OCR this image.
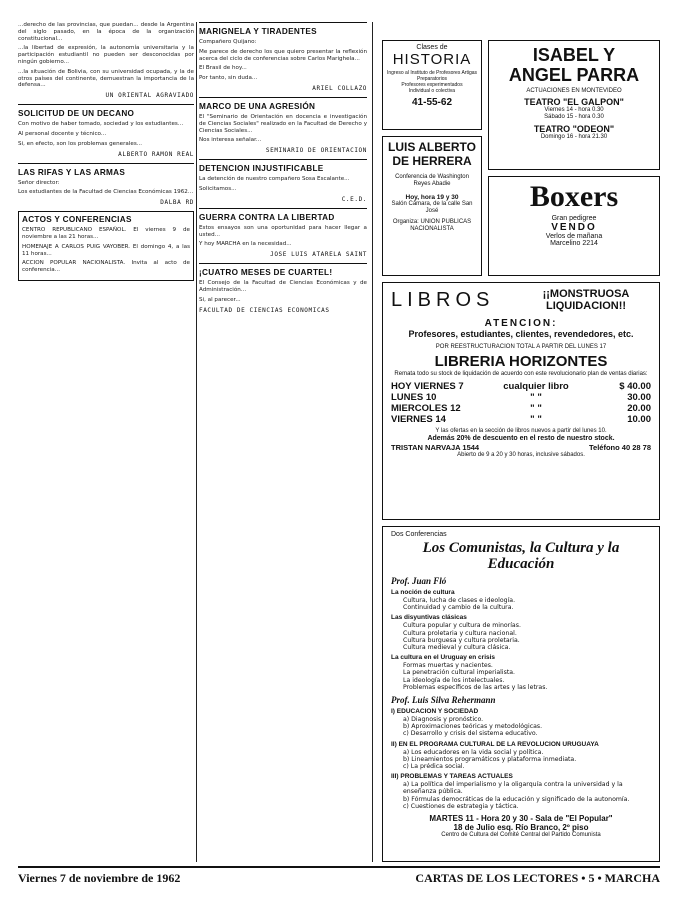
...derecho de las provincias, que puedan... desde la Argentina del siglo pasado, en la época de la organización constitucional...

...la libertad de expresión, la autonomía universitaria y la participación estudiantil no pueden ser desconocidas por ningún gobierno...

...la situación de Bolivia, con su universidad ocupada, y la de otros países del continente, demuestran la importancia de la defensa...

UN ORIENTAL AGRAVIADO
SOLICITUD DE UN DECANO

Con motivo de haber tomado, sociedad y los estudiantes...

Al personal docente y técnico...

Si, en efecto, son los problemas generales...

ALBERTO RAMON REAL
LAS RIFAS Y LAS ARMAS

Señor director:

Los estudiantes de la Facultad de Ciencias Económicas 1962...

DALBA RD
ACTOS Y CONFERENCIAS

CENTRO REPUBLICANO ESPAÑOL. El viernes 9 de noviembre a las 21 horas...

HOMENAJE A CARLOS PUIG VAYOBER. El domingo 4, a las 11 horas...

ACCION POPULAR NACIONALISTA. Invita al acto de conferencia...

MARIGNELA Y TIRADENTES

Compañero Quijano:

Me parece de derecho los que quiero presentar la reflexión acerca del ciclo de conferencias sobre Carlos Marighela...

El Brasil de hoy...

Por tanto, sin duda...

ARIEL COLLAZO
MARCO DE UNA AGRESIÓN

El "Seminario de Orientación en docencia e investigación de Ciencias Sociales" realizado en la Facultad de Derecho y Ciencias Sociales...

Nos interesa señalar...

SEMINARIO DE ORIENTACION
DETENCION INJUSTIFICABLE

La detención de nuestro compañero Sosa Escalante...

Solicitamos...

C.E.D.
GUERRA CONTRA LA LIBERTAD

Estos ensayos son una oportunidad para hacer llegar a usted...

Y hoy MARCHA en la necesidad...

JOSE LUIS ATARELA SAINT
¡CUATRO MESES DE CUARTEL!

El Consejo de la Facultad de Ciencias Económicas y de Administración...

Si, al parecer...

FACULTAD DE CIENCIAS ECONOMICAS
Clases de
HISTORIA
Ingreso al Instituto de Profesores Artigas
Preparatorios
Profesores experimentados
Individual o colectiva
41-55-62
ISABEL Y
ANGEL PARRA
ACTUACIONES EN MONTEVIDEO
TEATRO "EL GALPON"
Viernes 14 - hora 0.30
Sábado 15 - hora 0.30
TEATRO "ODEON"
Domingo 16 - hora 21.30
LUIS ALBERTO
DE HERRERA
Conferencia de Washington Reyes Abadie
Hoy, hora 19 y 30
Salón Cámara, de la calle San José
Organiza: UNION PUBLICAS NACIONALISTA
Boxers
Gran pedigree
VENDO
Verlos de mañana
Marcelino 2214
LIBROS	¡¡MONSTRUOSA LIQUIDACION!!
ATENCION:
Profesores, estudiantes, clientes, revendedores, etc.
POR REESTRUCTURACION TOTAL A PARTIR DEL LUNES 17
LIBRERIA HORIZONTES
Remata todo su stock de liquidación de acuerdo con este revolucionario plan de ventas diarias:
HOY VIERNES 7	cualquier libro	$ 40.00
LUNES 10	" "	30.00
MIERCOLES 12	" "	20.00
VIERNES 14	" "	10.00
Y las ofertas en la sección de libros nuevos a partir del lunes 10.
Además 20% de descuento en el resto de nuestro stock.
TRISTAN NARVAJA 1544	Teléfono 40 28 78
Abierto de 9 a 20 y 30 horas, inclusive sábados.
Dos Conferencias
Los Comunistas, la Cultura y la Educación
Prof. Juan Fló
La noción de cultura
Cultura, lucha de clases e ideología.
Continuidad y cambio de la cultura.
Las disyuntivas clásicas
Cultura popular y cultura de minorías.
Cultura proletaria y cultura nacional.
Cultura burguesa y cultura proletaria.
Cultura medieval y cultura clásica.
La cultura en el Uruguay en crisis
Formas muertas y nacientes.
La penetración cultural imperialista.
La ideología de los intelectuales.
Problemas específicos de las artes y las letras.
Prof. Luis Silva Rehermann
I) EDUCACION Y SOCIEDAD
a) Diagnosis y pronóstico.
b) Aproximaciones teóricas y metodológicas.
c) Desarrollo y crisis del sistema educativo.
II) EN EL PROGRAMA CULTURAL DE LA REVOLUCION URUGUAYA
a) Los educadores en la vida social y política.
b) Lineamientos programáticos y plataforma inmediata.
c) La prédica social.
III) PROBLEMAS Y TAREAS ACTUALES
a) La política del imperialismo y la oligarquía contra la universidad y la enseñanza pública.
b) Fórmulas democráticas de la educación y significado de la autonomía.
c) Cuestiones de estrategia y táctica.
MARTES 11 - Hora 20 y 30 - Sala de "El Popular"
18 de Julio esq. Río Branco, 2º piso
Centro de Cultura del Comité Central del Partido Comunista
Viernes 7 de noviembre de 1962	CARTAS DE LOS LECTORES • 5 • MARCHA
